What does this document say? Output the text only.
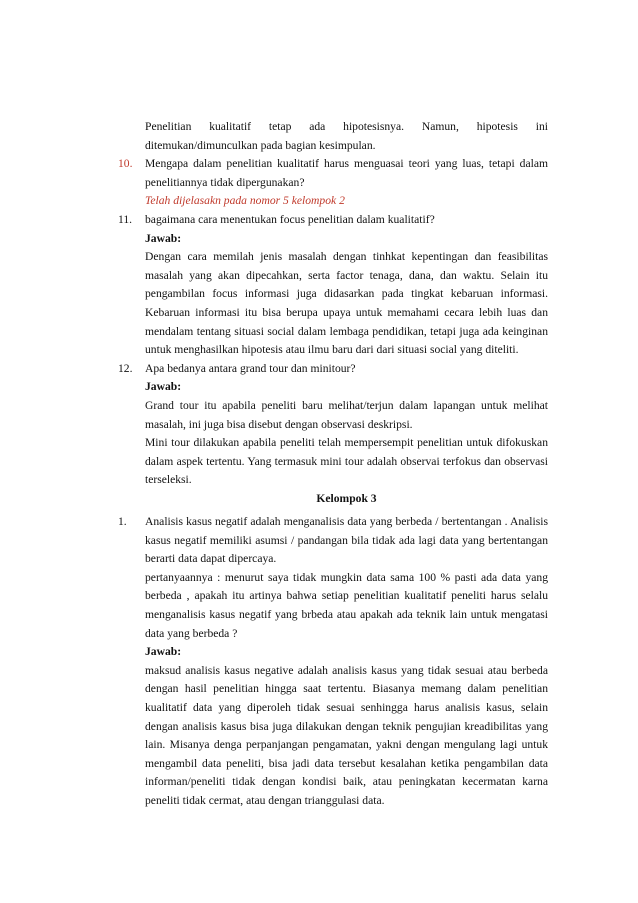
Penelitian kualitatif tetap ada hipotesisnya. Namun, hipotesis ini ditemukan/dimunculkan pada bagian kesimpulan.

10. Mengapa dalam penelitian kualitatif harus menguasai teori yang luas, tetapi dalam penelitiannya tidak dipergunakan?

Telah dijelasakn pada nomor 5 kelompok 2

11. bagaimana cara menentukan focus penelitian dalam kualitatif?

Jawab:

Dengan cara memilah jenis masalah dengan tinhkat kepentingan dan feasibilitas masalah yang akan dipecahkan, serta factor tenaga, dana, dan waktu. Selain itu pengambilan focus informasi juga didasarkan pada tingkat kebaruan informasi. Kebaruan informasi itu bisa berupa upaya untuk memahami cecara lebih luas dan mendalam tentang situasi social dalam lembaga pendidikan, tetapi juga ada keinginan untuk menghasilkan hipotesis atau ilmu baru dari dari situasi social yang diteliti.

12. Apa bedanya antara grand tour dan minitour?

Jawab:

Grand tour itu apabila peneliti baru melihat/terjun dalam lapangan untuk melihat masalah, ini juga bisa disebut dengan observasi deskripsi.

Mini tour dilakukan apabila peneliti telah mempersempit penelitian untuk difokuskan dalam aspek tertentu. Yang termasuk mini tour adalah observai terfokus dan observasi terseleksi.

Kelompok 3
1. Analisis kasus negatif adalah menganalisis data yang berbeda / bertentangan . Analisis kasus negatif memiliki asumsi / pandangan bila tidak ada lagi data yang bertentangan berarti data dapat dipercaya.

pertanyaannya : menurut saya tidak mungkin data sama 100 % pasti ada data yang berbeda , apakah itu artinya bahwa setiap penelitian kualitatif peneliti harus selalu menganalisis kasus negatif yang brbeda atau apakah ada teknik lain untuk mengatasi data yang berbeda ?

Jawab:

maksud analisis kasus negative adalah analisis kasus yang tidak sesuai atau berbeda dengan hasil penelitian hingga saat tertentu. Biasanya memang dalam penelitian kualitatif data yang diperoleh tidak sesuai senhingga harus analisis kasus, selain dengan analisis kasus bisa juga dilakukan dengan teknik pengujian kreadibilitas yang lain. Misanya denga perpanjangan pengamatan, yakni dengan mengulang lagi untuk mengambil data peneliti, bisa jadi data tersebut kesalahan ketika pengambilan data informan/peneliti tidak dengan kondisi baik, atau peningkatan kecermatan karna peneliti tidak cermat, atau dengan trianggulasi data.
